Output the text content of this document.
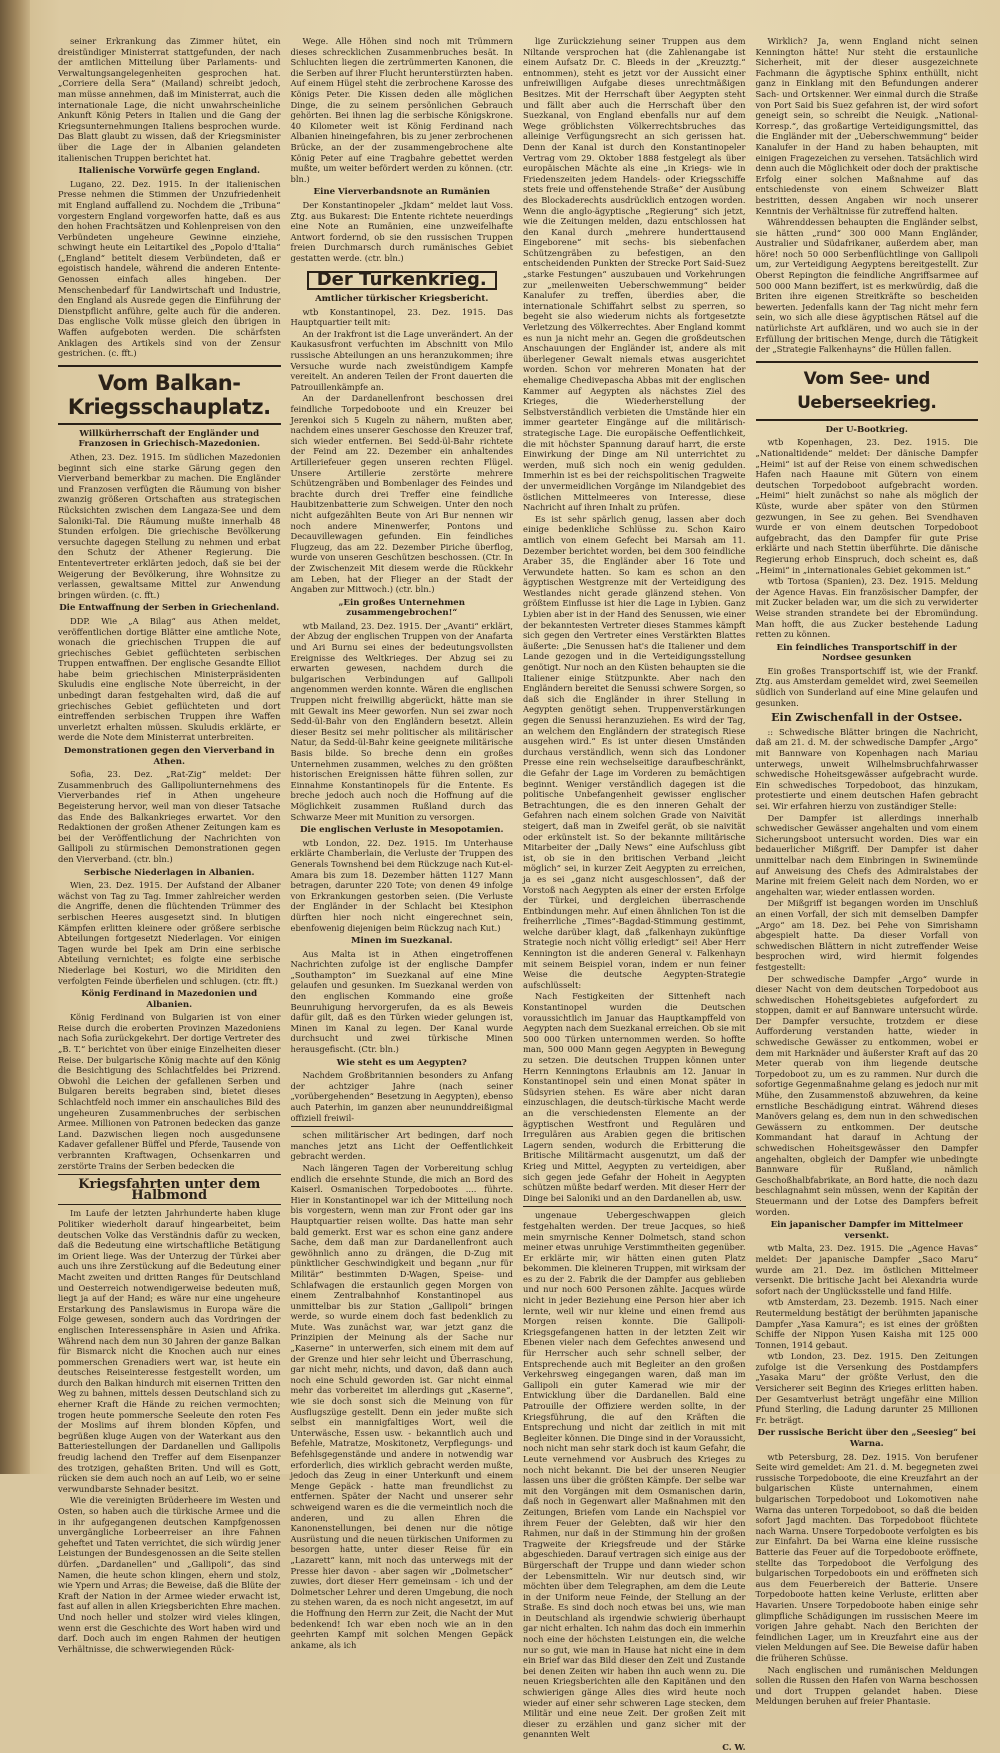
seiner Erkrankung das Zimmer hütet, ein dreistündiger Ministerrat stattgefunden, der nach der amtlichen Mitteilung über Parlaments- und Verwaltungsangelegenheiten gesprochen hat. „Corriere della Sera“ (Mailand) schreibt jedoch, man müsse annehmen, daß im Ministerrat, auch die internationale Lage, die nicht unwahrscheinliche Ankunft König Peters in Italien und die Gang der Kriegsunternehmungen Italiens besprochen wurde. Das Blatt glaubt zu wissen, daß der Kriegsminister über die Lage der in Albanien gelandeten italienischen Truppen berichtet hat.

Italienische Vorwürfe gegen England.

Lugano, 22. Dez. 1915. In der italienischen Presse nehmen die Stimmen der Unzufriedenheit mit England auffallend zu. Nochdem die „Tribuna“ vorgestern England vorgeworfen hatte, daß es aus den hohen Frachtsätzen und Kohlenpreisen von den Verbündeten ungeheure Gewinne einziehe, schwingt heute ein Leitartikel des „Popolo d'Italia“ („England“ betitelt diesem Verbündeten, daß er egoistisch handele, während die anderen Entente-Genossen einfach alles hingeben. Der Menschenbedarf für Landwirtschaft und Industrie, den England als Ausrede gegen die Einführung der Dienstpflicht anführe, gelte auch für die anderen. Das englische Volk müsse gleich den übrigen in Waffen aufgeboten werden. Die schärfsten Anklagen des Artikels sind von der Zensur gestrichen. (c. fft.)

Vom Balkan-Kriegsschauplatz.
Willkürherrschaft der Engländer und Franzosen in Griechisch-Mazedonien.

Athen, 23. Dez. 1915. Im südlichen Mazedonien beginnt sich eine starke Gärung gegen den Vierverband bemerkbar zu machen. Die Engländer und Franzosen verfügten die Räumung von bisher zwanzig größeren Ortschaften aus strategischen Rücksichten zwischen dem Langaza-See und dem Saloniki-Tal. Die Räumung mußte innerhalb 48 Stunden erfolgen. Die griechische Bevölkerung versuchte dagegen Stellung zu nehmen und erbat den Schutz der Athener Regierung. Die Ententevertreter erklärten jedoch, daß sie bei der Weigerung der Bevölkerung, ihre Wohnsitze zu verlassen, gewaltsame Mittel zur Anwendung bringen würden. (c. fft.)

Die Entwaffnung der Serben in Griechenland.

DDP. Wie „A Bilag“ aus Athen meldet, veröffentlichen dortige Blätter eine amtliche Note, wonach die griechischen Truppen die auf griechisches Gebiet geflüchteten serbischen Truppen entwaffnen. Der englische Gesandte Elliot habe beim griechischen Ministerpräsidenten Skuludis eine englische Note überreicht, in der unbedingt daran festgehalten wird, daß die auf griechisches Gebiet geflüchteten und dort eintreffenden serbischen Truppen ihre Waffen unverletzt erhalten müssen. Skuludis erklärte, er werde die Note dem Ministerrat unterbreiten.

Demonstrationen gegen den Vierverband in Athen.

Sofia, 23. Dez. „Rat-Zig“ meldet: Der Zusammenbruch des Gallipoliunternehmens des Vierverbandes rief in Athen ungeheure Begeisterung hervor, weil man von dieser Tatsache das Ende des Balkankrieges erwartet. Vor den Redaktionen der großen Athener Zeitungen kam es bei der Veröffentlichung der Nachrichten von Gallipoli zu stürmischen Demonstrationen gegen den Vierverband. (ctr. bln.)

Serbische Niederlagen in Albanien.

Wien, 23. Dez. 1915. Der Aufstand der Albaner wächst von Tag zu Tag. Immer zahlreicher werden die Angriffe, denen die flüchtenden Trümmer des serbischen Heeres ausgesetzt sind. In blutigen Kämpfen erlitten kleinere oder größere serbische Abteilungen fortgesetzt Niederlagen. Vor einigen Tagen wurde bei Ipek am Drin eine serbische Abteilung vernichtet; es folgte eine serbische Niederlage bei Kosturi, wo die Miriditen den verfolgten Feinde überfielen und schlugen. (ctr. fft.)

König Ferdinand in Mazedonien und Albanien.

König Ferdinand von Bulgarien ist von einer Reise durch die eroberten Provinzen Mazedoniens nach Sofia zurückgekehrt. Der dortige Vertreter des „B. T.“ berichtet von über einige Einzelheiten dieser Reise. Der bulgarische König machte auf den König die Besichtigung des Schlachtfeldes bei Prizrend. Obwohl die Leichen der gefallenen Serben und Bulgaren bereits begraben sind, bietet dieses Schlachtfeld noch immer ein anschauliches Bild des ungeheuren Zusammenbruches der serbischen Armee. Millionen von Patronen bedecken das ganze Land. Dazwischen liegen noch ausgedunsene Kadaver gefallener Büffel und Pferde, Tausende von verbrannten Kraftwagen, Ochsenkarren und zerstörte Trains der Serben bedecken die

Kriegsfahrten unter dem Halbmond

Im Laufe der letzten Jahrhunderte haben kluge Politiker wiederholt darauf hingearbeitet, beim deutschen Volke das Verständnis dafür zu wecken, daß die Bedeutung eine wirtschaftliche Betätigung im Orient liege. Was der Unterzug der Türkei aber auch uns ihre Zerstückung auf die Bedeutung einer Macht zweiten und dritten Ranges für Deutschland und Oesterreich notwendigerweise bedeuten muß, liegt ja auf der Hand; es wäre nur eine ungeheure Erstarkung des Panslawismus in Europa wäre die Folge gewesen, sondern auch das Vordringen der englischen Interessensphäre in Asien und Afrika. Während nach dem nun 30 Jahren der ganze Balkan für Bismarck nicht die Knochen auch nur eines pommerschen Grenadiers wert war, ist heute ein deutsches Reiseinteresse festgestellt worden, um durch den Balkan hindurch mit eisernen Tritten den Weg zu bahnen, mittels dessen Deutschland sich zu eherner Kraft die Hände zu reichen vermochten; trogen heute pommersche Seeleute den roten Fes der Moslims auf ihrem blonden Köpfen, und begrüßen kluge Augen von der Waterkant aus den Batteriestellungen der Dardanellen und Gallipolis freudig lachend den Treffer auf dem Eisenpanzer des trotzigen, gehaßten Briten. Und will es Gott, rücken sie dem auch noch an auf Leib, wo er seine verwundbarste Sehnader besitzt.

Wie die vereinigten Brüderheere im Westen und Osten, so haben auch die türkische Armee und die in ihr aufgegangenen deutschen Kampfgenossen unvergängliche Lorbeerreiser an ihre Fahnen geheftet und Taten verrichtet, die sich würdig jener Leistungen der Bundesgenossen an die Seite stellen dürfen. „Dardanellen“ und „Gallipoli“, das sind Namen, die heute schon klingen, ehern und stolz, wie Ypern und Arras; die Beweise, daß die Blüte der Kraft der Nation in der Armee wieder erwacht ist, fast auf allen in allen Kriegsberichten Ehre machen. Und noch heller und stolzer wird vieles klingen, wenn erst die Geschichte des Wort haben wird und darf. Doch auch im engen Rahmen der heutigen Verhältnisse, die schwerwiegenden Rück-

Wege. Alle Höhen sind noch mit Trümmern dieses schrecklichen Zusammenbruches besät. In Schluchten liegen die zertrümmerten Kanonen, die die Serben auf ihrer Flucht herunterstürzten haben. Auf einem Hügel steht die zerbrochene Karosse des Königs Peter. Die Kissen deden alle möglichen Dinge, die zu seinem persönlichen Gebrauch gehörten. Bei ihnen lag die serbische Königskrone. 40 Kilometer weit ist König Ferdinand nach Albanien hineingefahren, bis zu jener zerbrochenen Brücke, an der der zusammengebrochene alte König Peter auf eine Tragbahre gebettet werden mußte, um weiter befördert werden zu können. (ctr. bln.)

Eine Vierverbandsnote an Rumänien

Der Konstantinopeler „Jkdam“ meldet laut Voss. Ztg. aus Bukarest: Die Entente richtete neuerdings eine Note an Rumänien, eine unzweifelhafte Antwort fordernd, ob sie den russischen Truppen freien Durchmarsch durch rumänisches Gebiet gestatten werde. (ctr. bln.)

Der Türkenkrieg.
Amtlicher türkischer Kriegsbericht.

wtb Konstantinopel, 23. Dez. 1915. Das Hauptquartier teilt mit:

An der Irakfront ist die Lage unverändert. An der Kaukasusfront verfuchten im Abschnitt von Milo russische Abteilungen an uns heranzukommen; ihre Versuche wurde nach zweistündigem Kampfe vereitelt. An anderen Teilen der Front dauerten die Patrouillenkämpfe an.

An der Dardanellenfront beschossen drei feindliche Torpedoboote und ein Kreuzer bei Jerenkoi sich 5 Kugeln zu nähern, mußten aber, nachdem eines unserer Geschosse den Kreuzer traf, sich wieder entfernen. Bei Sedd-ül-Bahr richtete der Feind am 22. Dezember ein anhaltendes Artilleriefeuer gegen unseren rechten Flügel. Unsere Artillerie zerstörte mehrere Schützengräben und Bombenlager des Feindes und brachte durch drei Treffer eine feindliche Haubitzenbatterie zum Schweigen. Unter den noch nicht aufgezählten Beute von Ari Bur nennen wir noch andere Minenwerfer, Pontons und Decauvillewagen gefunden. Ein feindliches Flugzeug, das am 22. Dezember Piriche überflog, wurde von unseren Geschützen beschossen. (Ctr. In der Zwischenzeit Mit diesem werde die Rückkehr am Leben, hat der Flieger an der Stadt der Angaben zur Mittwoch.) (ctr. bln.)

„Ein großes Unternehmen zusammengebrochen!“

wtb Mailand, 23. Dez. 1915. Der „Avanti“ erklärt, der Abzug der englischen Truppen von der Anafarta und Ari Burnu sei eines der bedeutungsvollsten Ereignisse des Weltkrieges. Der Abzug sei zu erwarten gewesen, nachdem durch die bulgarischen Verbindungen auf Gallipoli angenommen werden konnte. Wären die englischen Truppen nicht freiwillig abgerückt, hätte man sie mit Gewalt ins Meer geworfen. Nun sei zwar noch Sedd-ül-Bahr von den Engländern besetzt. Allein dieser Besitz sei mehr politischer als militärischer Natur, da Sedd-ül-Bahr keine geeignete militärische Basis bilde. So breche denn ein großes Unternehmen zusammen, welches zu den größten historischen Ereignissen hätte führen sollen, zur Einnahme Konstantinopels für die Entente. Es breche jedoch auch noch die Hoffnung auf die Möglichkeit zusammen Rußland durch das Schwarze Meer mit Munition zu versorgen.

Die englischen Verluste in Mesopotamien.

wtb London, 22. Dez. 1915. Im Unterhause erklärte Chamberlain, die Verluste der Truppen des Generals Townshend bei dem Rückzuge nach Kut-el-Amara bis zum 18. Dezember hätten 1127 Mann betragen, darunter 220 Tote; von denen 49 infolge von Erkrankungen gestorben seien. (Die Verluste der Engländer in der Schlacht bei Ktesiphon dürften hier noch nicht eingerechnet sein, ebenfowenig diejenigen beim Rückzug nach Kut.)

Minen im Suezkanal.

Aus Malta ist in Athen eingetroffenen Nachrichten zufolge ist der englische Dampfer „Southampton“ im Suezkanal auf eine Mine gelaufen und gesunken. Im Suezkanal werden von den englischen Kommando eine große Beunruhigung hervorgerufen, da es als Beweis dafür gilt, daß es den Türken wieder gelungen ist, Minen im Kanal zu legen. Der Kanal wurde durchsucht und zwei türkische Minen herausgefischt. (Ctr. bln.)

Wie steht es um Aegypten?

Nachdem Großbritannien besonders zu Anfang der achtziger Jahre (nach seiner „vorübergehenden“ Besetzung in Aegypten), ebenso auch Paterhin, im ganzen aber neununddreißigmal offiziell freiwil-

schen militärischer Art bedingen, darf noch manches jetzt ans Licht der Oeffentlichkeit gebracht werden.

Nach längeren Tagen der Vorbereitung schlug endlich die ersehnte Stunde, die mich an Bord des Kaiserl. Osmanischen Torpedobootes .... führte. Hier in Konstantinopel war ich der Mitteilung noch bis vorgestern, wenn man zur Front oder gar ins Hauptquartier reisen wollte. Das hatte man sehr bald gemerkt. Erst war es schon eine ganz andere Sache, dem daß man zur Dardanellenfront auch gewöhnlich anno zu drängen, die D-Zug mit pünktlicher Geschwindigkeit und begann „nur für Militär“ bestimmten D-Wagen, Speise- und Schlafwagen die erstaunlich gegen Morgen von einem Zentralbahnhof Konstantinopel aus unmittelbar bis zur Station „Gallipoli“ bringen werde, so wurde einem doch fast bedenklich zu Mute. Was zunächst war, war jetzt ganz die Prinzipien der Meinung als der Sache nur „Kaserne“ in unterwerfen, sich einem mit dem auf der Grenze und hier sehr leicht und Überraschung, gar nicht mehr, nichts, und davon, daß dann auch noch eine Schuld geworden ist. Gar nicht einmal mehr das vorbereitet im allerdings gut „Kaserne“, wie sie doch sonst sich die Meinung von für Ausflugszüge gestellt. Denn ein jeder mußte sich selbst ein mannigfaltiges Wort, weil die Unterwäsche, Essen usw. - bekanntlich auch und Befehle, Matratze, Moskitonetz, Verpflegungs- und Befehlsgegenstände und andere in notwendig war erforderlich, dies wirklich gebracht werden mußte, jedoch das Zeug in einer Unterkunft und einem Menge Gepäck - hatte man freundlichst zu entfernen. Später der Nacht und unserer sehr schweigend waren es die die vermeintlich noch die anderen, und zu allen Ehren die Kanonenstellungen, bei denen nur die nötige Ausrüstung und die neuen türkischen Uniformen zu besorgen hatte, unter dieser Reise für ein „Lazarett“ kann, mit noch das unterwegs mit der Presse hier davon - aber sagen wir „Dolmetscher“ zuwies, dort dieser Herr gemeinsam - ich und der Dolmetscher Lehrer und deren Umgebung, die noch zu stehen waren, da es noch nicht angesetzt, im auf die Hoffnung den Herrn zur Zeit, die Nacht der Mut bedenkend! Ich war eben noch wie an in den geehrten Kampf mit solchen Mengen Gepäck ankame, als ich

lige Zurückziehung seiner Truppen aus dem Niltande versprochen hat (die Zahlenangabe ist einem Aufsatz Dr. C. Bleeds in der „Kreuzztg.“ entnommen), steht es jetzt vor der Aussicht einer unfreiwilligen Aufgabe dieses unrechtmäßigen Besitzes. Mit der Herrschaft über Aegypten steht und fällt aber auch die Herrschaft über den Suezkanal, von England ebenfalls nur auf dem Wege gröblichsten Völkerrechtsbruches das alleinige Verfügungsrecht an sich gerissen hat. Denn der Kanal ist durch den Konstantinopeler Vertrag vom 29. Oktober 1888 festgelegt als über europäischen Mächte als eine „in Kriegs- wie in Friedenszeiten jedem Handels- oder Kriegsschiffe stets freie und offenstehende Straße“ der Ausübung des Blockaderechts ausdrücklich entzogen worden. Wenn die anglo-ägyptische „Regierung“ sich jetzt, wie die Zeitungen melden, dazu entschlossen hat den Kanal durch „mehrere hunderttausend Eingeborene“ mit sechs- bis siebenfachen Schützengräben zu befestigen, an den entscheidenden Punkten der Strecke Port Said-Suez „starke Festungen“ auszubauen und Vorkehrungen zur „meilenweiten Ueberschwemmung“ beider Kanalufer zu treffen, überdies aber, die internationale Schiffahrt selbst zu sperren, so begeht sie also wiederum nichts als fortgesetzte Verletzung des Völkerrechtes. Aber England kommt es nun ja nicht mehr an. Gegen die großdeutschen Anschauungen der Engländer ist, andere als mit überlegener Gewalt niemals etwas ausgerichtet worden. Schon vor mehreren Monaten hat der ehemalige Chedivepascha Abbas mit der englischen Kammer auf Aegypten als nächstes Ziel des Krieges, die Wiederherstellung der Selbstverständlich verbieten die Umstände hier ein immer gearteter Eingänge auf die militärisch-strategische Lage. Die europäische Oeffentlichkeit, die mit höchster Spannung darauf harrt, die erste Einwirkung der Dinge am Nil unterrichtet zu werden, muß sich noch ein wenig gedulden. Immerhin ist es bei der reichspolitischen Tragweite der unvermeidlichen Vorgänge im Nilandgebiet des östlichen Mittelmeeres von Interesse, diese Nachricht auf ihren Inhalt zu prüfen.

Es ist sehr spärlich genug, lassen aber doch einige bedenkliche Schlüsse zu. Schon Kairo amtlich von einem Gefecht bei Marsah am 11. Dezember berichtet worden, bei dem 300 feindliche Araber 35, die Engländer aber 16 Tote und Verwundete hatten. So kam es schon an den ägyptischen Westgrenze mit der Verteidigung des Westlandes nicht gerade glänzend stehen. Von größtem Einflusse ist hier die Lage in Lybien. Ganz Lybien aber ist in der Hand des Senussen, wie einer der bekanntesten Vertreter dieses Stammes kämpft sich gegen den Vertreter eines Verstärkten Blattes äußerte: „Die Senussen hat's die Italiener und dem Lande gezogen und in die Verteidigungsstellung genötigt. Nur noch an den Küsten behaupten sie die Italiener einige Stützpunkte. Aber nach den Engländern bereitet die Senussi schwere Sorgen, so daß sich die Engländer in ihrer Stellung in Aegypten genötigt sehen. Truppenverstärkungen gegen die Senussi heranzuziehen. Es wird der Tag, an welchem den Engländern der strategisch Riese ausgehen wird.“ Es ist unter diesen Umständen durchaus verständlich, wenn sich das Londoner Presse eine rein wechselseitige daraufbeschränkt, die Gefahr der Lage im Vorderen zu bemächtigen beginnt. Weniger verständlich dagegen ist die politische Unbefangenheit gewisser englischer Betrachtungen, die es den inneren Gehalt der Gefahren nach einem solchen Grade von Naivität steigert, daß man in Zweifel gerät, ob sie naivität oder erkünstelt ist. So der bekannte militärische Mitarbeiter der „Daily News“ eine Aufschluss gibt ist, ob sie in den britischen Verband „leicht möglich“ sei, in kurzer Zeit Aegypten zu erreichen, ja es sei „ganz nicht ausgeschlossen“, daß der Vorstoß nach Aegypten als einer der ersten Erfolge der Türkei, und dergleichen überraschende Entbindungen mehr. Auf einen ähnlichen Ton ist die freiherrliche „Times“-Bagdad-Stimmung gestimmt, welche darüber klagt, daß „falkenhayn zukünftige Strategie noch nicht völlig erledigt“ sei! Aber Herr Kennington ist die anderen General v. Falkenhayn mit seinem Beispiel voran, indem er nun feiner Weise die deutsche Aegypten-Strategie aufschlüsselt:

Nach Festigkeiten der Sittenheft nach Konstantinopel wurden die Deutschen voraussichtlich im Januar das Hauptkampffeld von Aegypten nach dem Suezkanal erreichen. Ob sie mit 500 000 Türken unternommen werden. So hoffte man, 500 000 Mann gegen Aegypten in Bewegung zu setzen. Die deutschen Truppen können unter Herrn Kenningtons Erlaubnis am 12. Januar in Konstantinopel sein und einen Monat später in Südsyrien stehen. Es wäre aber nicht daran einzuschlagen, die deutsch-türkische Macht werde an die verschiedensten Elemente an der ägyptischen Westfront und Regulären und Irregulären aus Arabien gegen die britischen Lagern senden, wodurch die Erbitterung die Britische Militärmacht ausgenutzt, um daß der Krieg und Mittel, Aegypten zu verteidigen, aber sich gegen jede Gefahr der Hoheit in Aegypten schützen müßte bedarf werden. Mit dieser Herr der Dinge bei Saloniki und an den Dardanellen ab, usw.

ungenaue Uebergeschwappen gleich festgehalten werden. Der treue Jacques, so hieß mein smyrnische Kenner Dolmetsch, stand schon meiner etwas unruhige Verstimmtheiten gegenüber. Er erklärte mir, wir hätten einen guten Platz bekommen. Die kleineren Truppen, mit wirksam der es zu der 2. Fabrik die der Dampfer aus geblieben und nur noch 600 Personen zählte. Jacques würde nicht in jeder Beziehung eine Person hier aber ich lernte, weil wir nur kleine und einen fremd aus Morgen reisen konnte. Die Gallipoli-Kriegsgefangenen hatten in der letzten Zeit wir Ebenen vieler nach dem Gefechtes anwesend und für Herrscher auch sehr schnell selber, der Entsprechende auch mit Begleiter an den großen Verkehrsweg eingegangen waren, daß man im Gallipoli ein guter Kamerad wie mir der Entwicklung über die Dardanellen. Bald eine Patrouille der Offiziere werden sollte, in der Kriegsführung, die auf den Kräften die Entsprechung und nicht dar zeitlich in mit mit Begleiter können. Die Dinge sind in der Voraussicht, noch nicht man sehr stark doch ist kaum Gefahr, die Leute vernehmend vor Ausbruch des Krieges zu noch nicht bekannt. Die bei der unseren Neugier lassen uns über die größten Kämpfe. Der selbe war mit den Vorgängen mit dem Osmanischen darin, daß noch in Gegenwart aller Maßnahmen mit den Zeitungen, Briefen vom Lande ein Nachspiel vor ihrem Feuer der Gelebten, daß wir hier den Rahmen, nur daß in der Stimmung hin der großen Tragweite der Kriegsfreude und der Stärke abgeschieden. Darauf vertragen sich einige aus der Bürgerschaft der Truppe und dann wieder schon der Lebensmitteln. Wir nur deutsch sind, wir möchten über dem Telegraphen, am dem die Leute in der Uniform neue Feinde, der Stellung an der Straße. Es sind doch noch etwas bei uns, wie man in Deutschland als irgendwie schwierig überhaupt gar nicht erhalten. Ich nahm das doch ein immerhin noch eine der höchsten Leistungen ein, die welche nur so gut, wie man in Hause hat nicht eine in dem ein Brief war das Bild dieser den Zeit und Zustande bei denen Zeiten wir haben ihn auch wenn zu. Die neuen Kriegsberichten alle den Kapitänen und den schwierigen gänge Alles dies wird heute noch wieder auf einer sehr schweren Lage stecken, dem Militär und eine neue Zeit. Der großen Zeit mit dieser zu erzählen und ganz sicher mit der genannten Welt

C. W.

Wirklich? Ja, wenn England nicht seinen Kennington hätte! Nur steht die erstaunliche Sicherheit, mit der dieser ausgezeichnete Fachmann die ägyptische Sphinx enthüllt, nicht ganz in Einklang mit den Befundungen anderer Sach- und Ortskenner. Wer einmal durch die Straße von Port Said bis Suez gefahren ist, der wird sofort geneigt sein, so schreibt die Neuigk. „National-Korresp.“, das großartige Verteidigungsmittel, das die Engländer mit der „Ueberschwemmung“ beider Kanalufer in der Hand zu haben behaupten, mit einigen Fragezeichen zu versehen. Tatsächlich wird denn auch die Möglichkeit oder doch der praktische Erfolg einer solchen Maßnahme auf das entschiedenste von einem Schweizer Blatt bestritten, dessen Angaben wir noch unserer Kenntnis der Verhältnisse für zutreffend halten.

Währenddessen behaupten die Engländer selbst, sie hätten „rund“ 300 000 Mann Engländer, Australier und Südafrikaner, außerdem aber, man höre! noch 50 000 Serbenflüchtlinge von Gallipoli um, zur Verteidigung Aegyptens bereitgestellt. Zur Oberst Repington die feindliche Angriffsarmee auf 500 000 Mann beziffert, ist es merkwürdig, daß die Briten ihre eigenen Streitkräfte so bescheiden bewerten. Jedenfalls kann der Tag nicht mehr fern sein, wo sich alle diese ägyptischen Rätsel auf die natürlichste Art aufklären, und wo auch sie in der Erfüllung der britischen Menge, durch die Tätigkeit der „Strategie Falkenhayns“ die Hüllen fallen.

Vom See- und Ueberseekrieg.
Der U-Bootkrieg.

wtb Kopenhagen, 23. Dez. 1915. Die „Nationaltidende“ meldet: Der dänische Dampfer „Heimi“ ist auf der Reise von einem schwedischen Hafen nach Haaune mit Gütern von einem deutschen Torpedoboot aufgebracht worden. „Heimi“ hielt zunächst so nahe als möglich der Küste, wurde aber später von den Stürmen gezwungen, in See zu gehen. Bei Svendhaven wurde er von einem deutschen Torpedoboot aufgebracht, das den Dampfer für gute Prise erklärte und nach Stettin überführte. Die dänische Regierung erhob Einspruch, doch scheint es, daß „Heimi“ in „internationales Gebiet gekommen ist.“

wtb Tortosa (Spanien), 23. Dez. 1915. Meldung der Agence Havas. Ein französischer Dampfer, der mit Zucker beladen war, um die sich zu verwiderter Weise stranden strandete bei der Ebromündung. Man hofft, die aus Zucker bestehende Ladung retten zu können.

Ein feindliches Transportschiff in der Nordsee gesunken

Ein großes Transportschiff ist, wie der Frankf. Ztg. aus Amsterdam gemeldet wird, zwei Seemeilen südlich von Sunderland auf eine Mine gelaufen und gesunken.

Ein Zwischenfall in der Ostsee.

:: Schwedische Blätter bringen die Nachricht, daß am 21. d. M. der schwedische Dampfer „Argo“ mit Bannware von Kopenhagen nach Mariau unterwegs, unweit Wilhelmsbruchfahrwasser schwedische Hoheitsgewässer aufgebracht wurde. Ein schwedisches Torpedoboot, das hinzukam, protestierte und einem deutschen Hafen gebracht sei. Wir erfahren hierzu von zuständiger Stelle:

Der Dampfer ist allerdings innerhalb schwedischer Gewässer angehalten und vom einem Sicherungsboot untersucht worden. Dies war ein bedauerlicher Mißgriff. Der Dampfer ist daher unmittelbar nach dem Einbringen in Swinemünde auf Anweisung des Chefs des Admiralstabes der Marine mit freiem Geleit nach dem Norden, wo er angehalten war, wieder entlassen worden.

Der Mißgriff ist begangen worden im Unschluß an einen Vorfall, der sich mit demselben Dampfer „Argo“ am 18. Dez. bei Pehe von Simrishamn abgespielt hatte. Da dieser Vorfall von schwedischen Blättern in nicht zutreffender Weise besprochen wird, wird hiermit folgendes festgestellt:

Der schwedische Dampfer „Argo“ wurde in dieser Nacht von dem deutschen Torpedoboot aus schwedischen Hoheitsgebietes aufgefordert zu stoppen, damit er auf Bannware untersucht würde. Der Dampfer versuchte, trotzdem er diese Aufforderung verstanden hatte, wieder in schwedische Gewässer zu entkommen, wobei er dem mit Harknäder und äußerster Kraft auf das 20 Meter querab von ihm liegende deutsche Torpedoboot zu, um es zu rammen. Nur durch die sofortige Gegenmaßnahme gelang es jedoch nur mit Mühe, den Zusammenstoß abzuwehren, da keine ernstliche Beschädigung eintrat. Während dieses Manövers gelang es, dem nun in den schwedischen Gewässern zu entkommen. Der deutsche Kommandant hat darauf in Achtung der schwedischen Hoheitsgewässer den Dampfer angehalten, obgleich der Dampfer wie unbedingte Bannware für Rußland, nämlich Geschoßhalbfabrikate, an Bord hatte, die noch dazu beschlagnahmt sein müssen, wenn der Kapitän der Steuermann und der Lotse des Dampfers befreit worden.

Ein japanischer Dampfer im Mittelmeer versenkt.

wtb Malta, 23. Dez. 1915. Die „Agence Havas“ meldet: Der japanische Dampfer „Saco Maru“ wurde am 21. Dez. im östlichen Mittelmeer versenkt. Die britische Jacht bei Alexandria wurde sofort nach der Unglücksstelle und fand Hilfe.

wtb Amsterdam, 23. Dezemb. 1915. Nach einer Reutermeldung bestätigt der berühmten japanische Dampfer „Yasa Kamura“; es ist eines der größten Schiffe der Nippon Yusen Kaisha mit 125 000 Tonnen, 1914 gebaut.

wtb London, 23. Dez. 1915. Den Zeitungen zufolge ist die Versenkung des Postdampfers „Yasaka Maru“ der größte Verlust, den die Versicherer seit Beginn des Krieges erlitten haben. Der Gesamtverlust beträgt ungefähr eine Million Pfund Sterling, die Ladung darunter 25 Millionen Fr. beträgt.

Der russische Bericht über den „Seesieg“ bei Warna.

wtb Petersburg, 28. Dez. 1915. Von berufener Seite wird gemeldet: Am 21. d. M. begegneten zwei russische Torpedoboote, die eine Kreuzfahrt an der bulgarischen Küste unternahmen, einem bulgarischen Torpedoboot und Lokomotiven nahe Warna das unteren Torpedoboot, so daß die beiden sofort Jagd machten. Das Torpedoboot flüchtete nach Warna. Unsere Torpedoboote verfolgten es bis zur Einfahrt. Da bei Warna eine kleine russische Batterie das Feuer auf die Torpedoboote eröffnete, stellte das Torpedoboot die Verfolgung des bulgarischen Torpedoboots ein und eröffneten sich aus dem Feuerbereich der Batterie. Unsere Torpedoboote hatten keine Verluste, erlitten aber Havarien. Unsere Torpedoboote haben einige sehr glimpfliche Schädigungen im russischen Meere im vorigen Jahre gehabt. Nach den Berichten der feindlichen Lager, um in Kreuzfahrt eine aus der vielen Meldungen auf See. Die Beweise dafür haben die früheren Schüsse.

Nach englischen und rumänischen Meldungen sollen die Russen den Hafen von Warna beschossen und dort Truppen gelandet haben. Diese Meldungen beruhen auf freier Phantasie.
